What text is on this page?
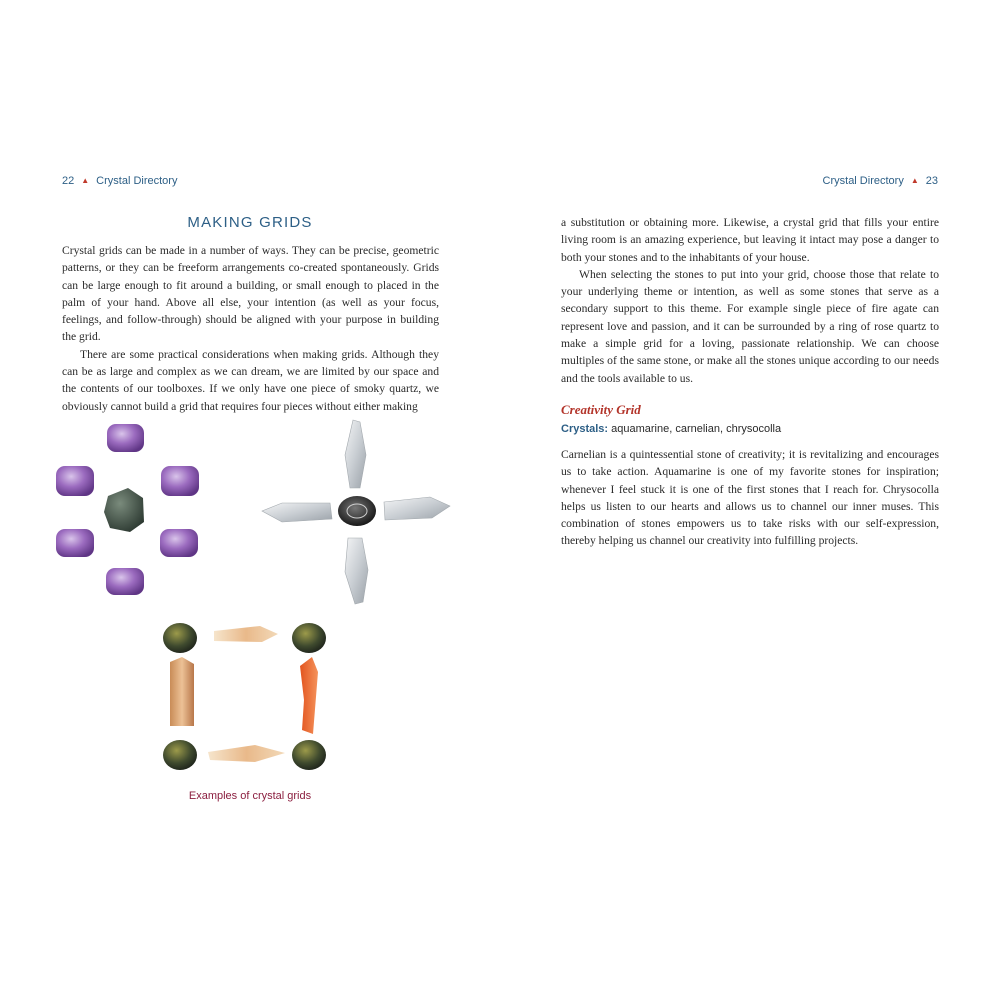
22 ▲ Crystal Directory
MAKING GRIDS

Crystal grids can be made in a number of ways. They can be precise, geometric patterns, or they can be freeform arrangements co-created spontaneously. Grids can be large enough to fit around a building, or small enough to placed in the palm of your hand. Above all else, your intention (as well as your focus, feelings, and follow-through) should be aligned with your purpose in building the grid.

There are some practical considerations when making grids. Although they can be as large and complex as we can dream, we are limited by our space and the contents of our toolboxes. If we only have one piece of smoky quartz, we obviously cannot build a grid that requires four pieces without either making

Examples of crystal grids
Crystal Directory ▲ 23

a substitution or obtaining more. Likewise, a crystal grid that fills your entire living room is an amazing experience, but leaving it intact may pose a danger to both your stones and to the inhabitants of your house.

When selecting the stones to put into your grid, choose those that relate to your underlying theme or intention, as well as some stones that serve as a secondary support to this theme. For example single piece of fire agate can represent love and passion, and it can be surrounded by a ring of rose quartz to make a simple grid for a loving, passionate relationship. We can choose multiples of the same stone, or make all the stones unique according to our needs and the tools available to us.

Creativity Grid
Crystals: aquamarine, carnelian, chrysocolla

Carnelian is a quintessential stone of creativity; it is revitalizing and encourages us to take action. Aquamarine is one of my favorite stones for inspiration; whenever I feel stuck it is one of the first stones that I reach for. Chrysocolla helps us listen to our hearts and allows us to channel our inner muses. This combination of stones empowers us to take risks with our self-expression, thereby helping us channel our creativity into fulfilling projects.
